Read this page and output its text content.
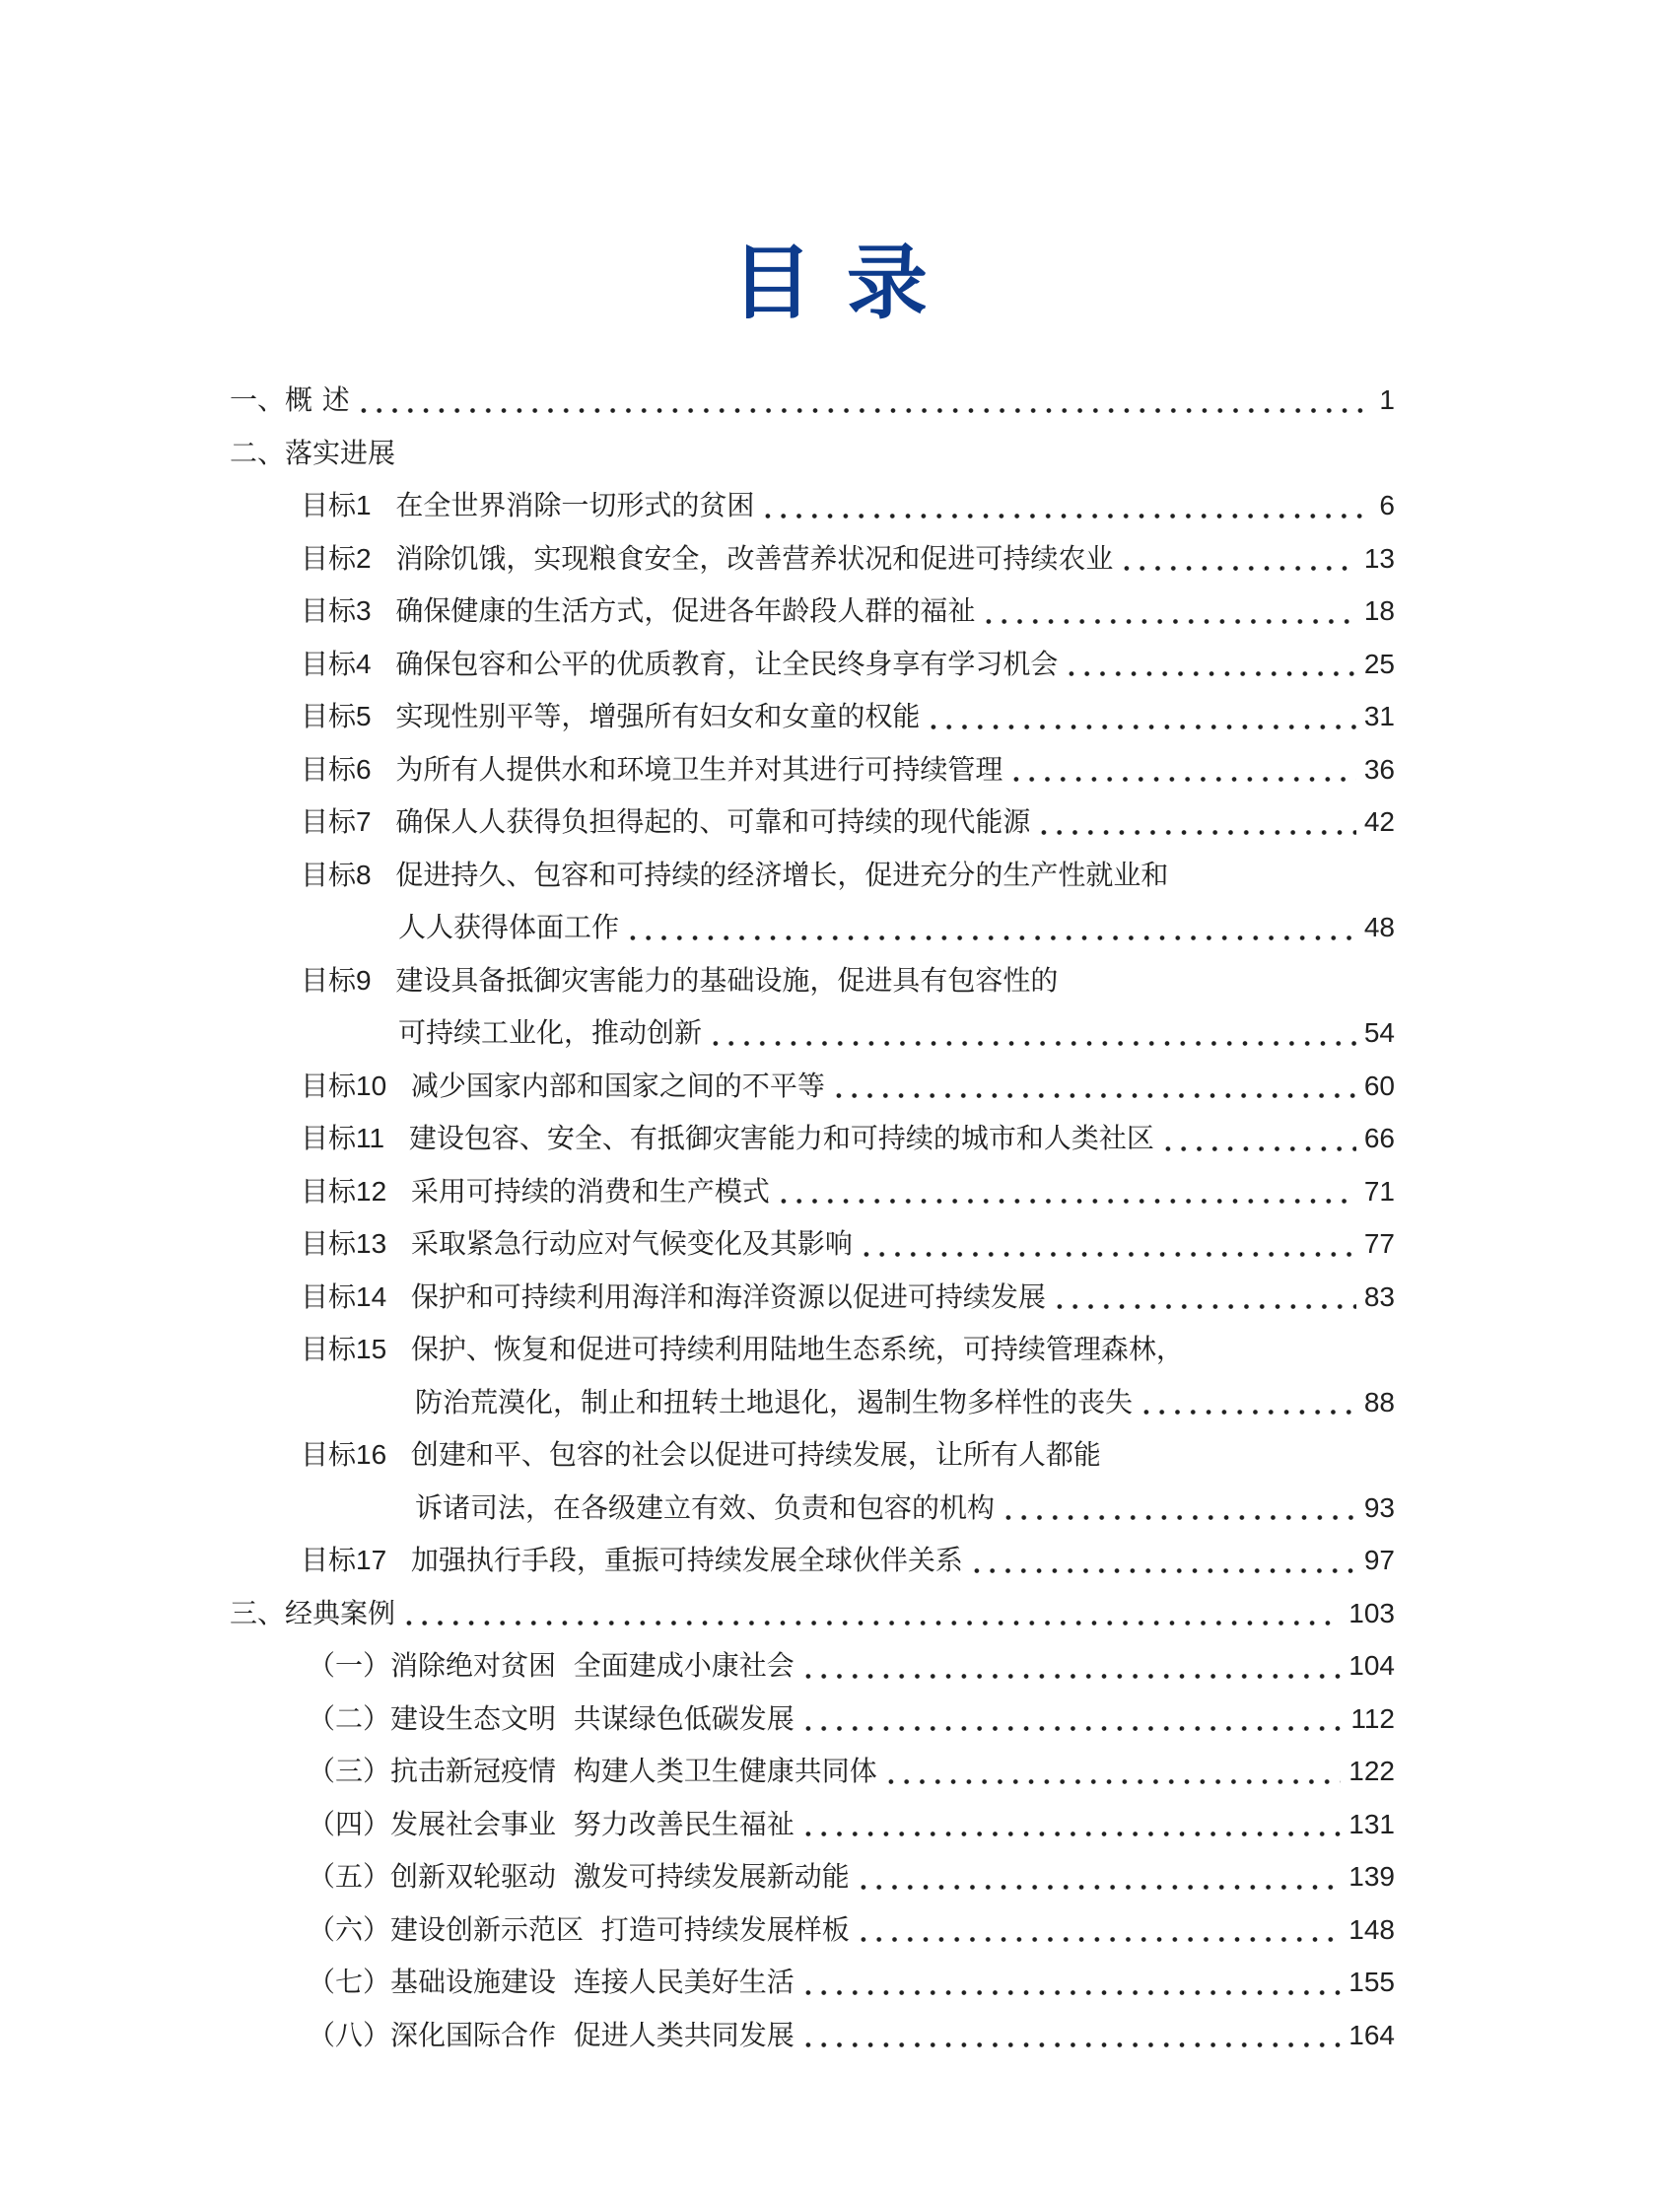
目 录
一、概 述	1
二、落实进展
目标1 在全世界消除一切形式的贫困	6
目标2 消除饥饿，实现粮食安全，改善营养状况和促进可持续农业	13
目标3 确保健康的生活方式，促进各年龄段人群的福祉	18
目标4 确保包容和公平的优质教育，让全民终身享有学习机会	25
目标5 实现性别平等，增强所有妇女和女童的权能	31
目标6 为所有人提供水和环境卫生并对其进行可持续管理	36
目标7 确保人人获得负担得起的、可靠和可持续的现代能源	42
目标8 促进持久、包容和可持续的经济增长，促进充分的生产性就业和
人人获得体面工作	48
目标9 建设具备抵御灾害能力的基础设施，促进具有包容性的
可持续工业化，推动创新	54
目标10 减少国家内部和国家之间的不平等	60
目标11 建设包容、安全、有抵御灾害能力和可持续的城市和人类社区	66
目标12 采用可持续的消费和生产模式	71
目标13 采取紧急行动应对气候变化及其影响	77
目标14 保护和可持续利用海洋和海洋资源以促进可持续发展	83
目标15 保护、恢复和促进可持续利用陆地生态系统，可持续管理森林，
防治荒漠化，制止和扭转土地退化，遏制生物多样性的丧失	88
目标16 创建和平、包容的社会以促进可持续发展，让所有人都能
诉诸司法，在各级建立有效、负责和包容的机构	93
目标17 加强执行手段，重振可持续发展全球伙伴关系	97
三、经典案例	103
（一）消除绝对贫困 全面建成小康社会	104
（二）建设生态文明 共谋绿色低碳发展	112
（三）抗击新冠疫情 构建人类卫生健康共同体	122
（四）发展社会事业 努力改善民生福祉	131
（五）创新双轮驱动 激发可持续发展新动能	139
（六）建设创新示范区 打造可持续发展样板	148
（七）基础设施建设 连接人民美好生活	155
（八）深化国际合作 促进人类共同发展	164
